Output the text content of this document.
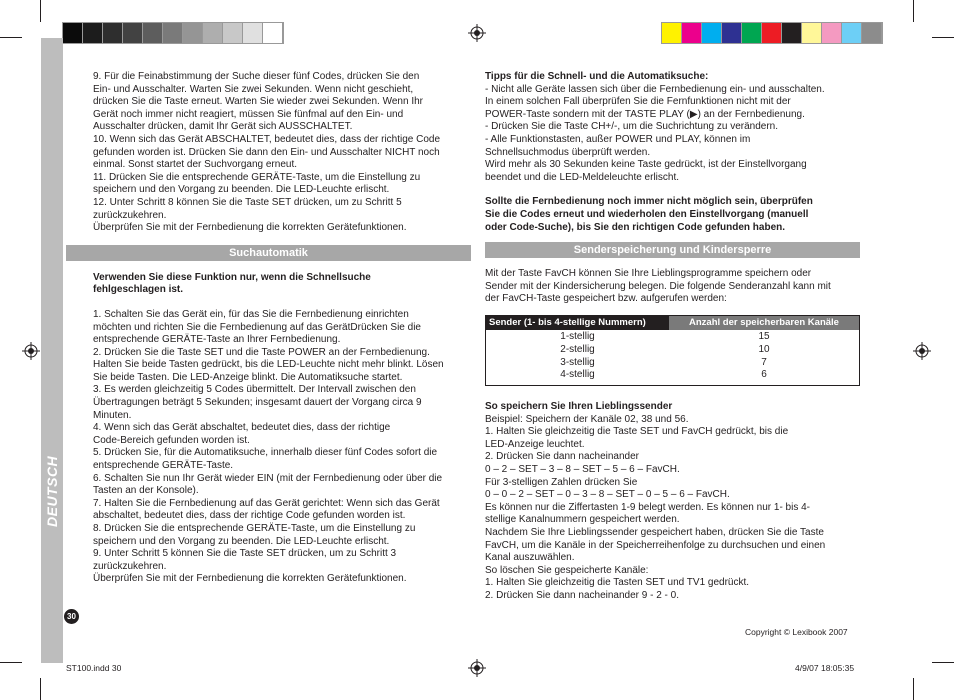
DEUTSCH
30

9. Für die Feinabstimmung der Suche dieser fünf Codes, drücken Sie den

Ein- und Ausschalter. Warten Sie zwei Sekunden. Wenn nicht geschieht,

drücken Sie die Taste erneut. Warten Sie wieder zwei Sekunden. Wenn Ihr

Gerät noch immer nicht reagiert, müssen Sie fünfmal auf den Ein- und

Ausschalter drücken, damit Ihr Gerät sich AUSSCHALTET.

10. Wenn sich das Gerät ABSCHALTET, bedeutet dies, dass der richtige Code

gefunden worden ist. Drücken Sie dann den Ein- und Ausschalter NICHT noch

einmal. Sonst startet der Suchvorgang erneut.

11. Drücken Sie die entsprechende GERÄTE-Taste, um die Einstellung zu

speichern und den Vorgang zu beenden. Die LED-Leuchte erlischt.

12. Unter Schritt 8 können Sie die Taste SET drücken, um zu Schritt 5

zurückzukehren.

Überprüfen Sie mit der Fernbedienung die korrekten Gerätefunktionen.

Suchautomatik

Verwenden Sie diese Funktion nur, wenn die Schnellsuche

fehlgeschlagen ist.

1. Schalten Sie das Gerät ein, für das Sie die Fernbedienung einrichten

möchten und richten Sie die Fernbedienung auf das GerätDrücken Sie die

entsprechende GERÄTE-Taste an Ihrer Fernbedienung.

2. Drücken Sie die Taste SET und die Taste POWER an der Fernbedienung.

Halten Sie beide Tasten gedrückt, bis die LED-Leuchte nicht mehr blinkt. Lösen

Sie beide Tasten. Die LED-Anzeige blinkt. Die Automatiksuche startet.

3. Es werden gleichzeitig 5 Codes übermittelt. Der Intervall zwischen den

Übertragungen beträgt 5 Sekunden; insgesamt dauert der Vorgang circa 9

Minuten.

4. Wenn sich das Gerät abschaltet, bedeutet dies, dass der richtige

Code-Bereich gefunden worden ist.

5. Drücken Sie, für die Automatiksuche, innerhalb dieser fünf Codes sofort die

entsprechende GERÄTE-Taste.

6. Schalten Sie nun Ihr Gerät wieder EIN (mit der Fernbedienung oder über die

Tasten an der Konsole).

7. Halten Sie die Fernbedienung auf das Gerät gerichtet: Wenn sich das Gerät

abschaltet, bedeutet dies, dass der richtige Code gefunden worden ist.

8. Drücken Sie die entsprechende GERÄTE-Taste, um die Einstellung zu

speichern und den Vorgang zu beenden. Die LED-Leuchte erlischt.

9. Unter Schritt 5 können Sie die Taste SET drücken, um zu Schritt 3

zurückzukehren.

Überprüfen Sie mit der Fernbedienung die korrekten Gerätefunktionen.

Tipps für die Schnell- und die Automatiksuche:

- Nicht alle Geräte lassen sich über die Fernbedienung ein- und ausschalten.

In einem solchen Fall überprüfen Sie die Fernfunktionen nicht mit der

POWER-Taste sondern mit der TASTE PLAY (▶) an der Fernbedienung.

- Drücken Sie die Taste CH+/-, um die Suchrichtung zu verändern.

- Alle Funktionstasten, außer POWER und PLAY, können im

Schnellsuchmodus überprüft werden.

Wird mehr als 30 Sekunden keine Taste gedrückt, ist der Einstellvorgang

beendet und die LED-Meldeleuchte erlischt.

Sollte die Fernbedienung noch immer nicht möglich sein, überprüfen

Sie die Codes erneut und wiederholen den Einstellvorgang (manuell

oder Code-Suche), bis Sie den richtigen Code gefunden haben.

Senderspeicherung und Kindersperre

Mit der Taste FavCH können Sie Ihre Lieblingsprogramme speichern oder

Sender mit der Kindersicherung belegen. Die folgende Senderanzahl kann mit

der FavCH-Taste gespeichert bzw. aufgerufen werden:

Sender (1- bis 4-stellige Nummern)	Anzahl der speicherbaren Kanäle
1-stellig
2-stellig
3-stellig
4-stellig
15
10
7
6

So speichern Sie Ihren Lieblingssender

Beispiel: Speichern der Kanäle 02, 38 und 56.

1. Halten Sie gleichzeitig die Taste SET und FavCH gedrückt, bis die

LED-Anzeige leuchtet.

2. Drücken Sie dann nacheinander

0 – 2 – SET – 3 – 8 – SET – 5 – 6 – FavCH.

Für 3-stelligen Zahlen drücken Sie

0 – 0 – 2 – SET – 0 – 3 – 8 – SET – 0 – 5 – 6 – FavCH.

Es können nur die Ziffertasten 1-9 belegt werden. Es können nur 1- bis 4-

stellige Kanalnummern gespeichert werden.

Nachdem Sie Ihre Lieblingssender gespeichert haben, drücken Sie die Taste

FavCH, um die Kanäle in der Speicherreihenfolge zu durchsuchen und einen

Kanal auszuwählen.

So löschen Sie gespeicherte Kanäle:

1. Halten Sie gleichzeitig die Tasten SET und TV1 gedrückt.

2. Drücken Sie dann nacheinander 9 - 2 - 0.

Copyright © Lexibook 2007
ST100.indd 30	4/9/07 18:05:35
